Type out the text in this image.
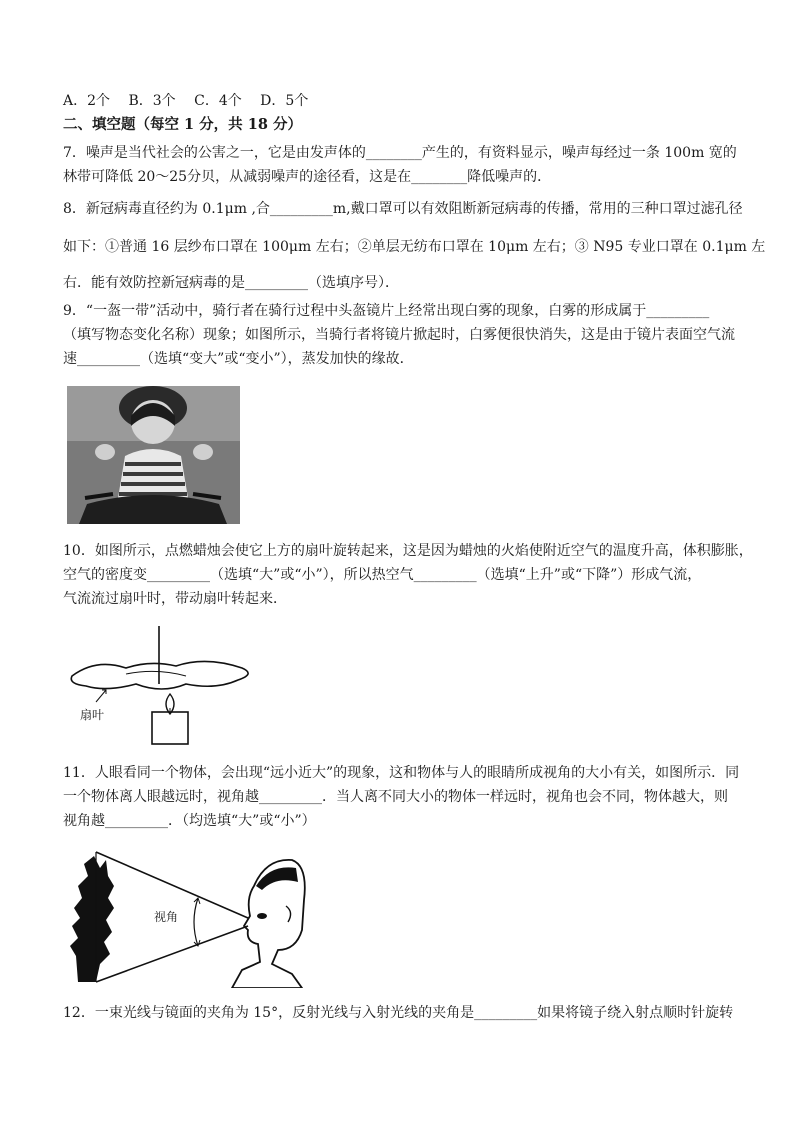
A．2个　 B．3个　 C．4个　 D．5个
二、填空题（每空 1 分，共 18 分）
7．噪声是当代社会的公害之一，它是由发声体的________产生的，有资料显示，噪声每经过一条 100m 宽的
林带可降低 20～25分贝，从减弱噪声的途径看，这是在________降低噪声的．
8．新冠病毒直径约为 0.1μm ,合_________m,戴口罩可以有效阻断新冠病毒的传播，常用的三种口罩过滤孔径
如下：①普通 16 层纱布口罩在 100μm 左右；②单层无纺布口罩在 10μm 左右；③ N95 专业口罩在 0.1μm 左
右．能有效防控新冠病毒的是_________（选填序号）．
9．“一盔一带”活动中，骑行者在骑行过程中头盔镜片上经常出现白雾的现象，白雾的形成属于_________
（填写物态变化名称）现象；如图所示，当骑行者将镜片掀起时，白雾便很快消失，这是由于镜片表面空气流
速_________（选填“变大”或“变小”），蒸发加快的缘故．
10．如图所示，点燃蜡烛会使它上方的扇叶旋转起来，这是因为蜡烛的火焰使附近空气的温度升高，体积膨胀，
空气的密度变_________（选填“大”或“小”），所以热空气_________（选填“上升”或“下降”）形成气流，
气流流过扇叶时，带动扇叶转起来．
扇叶
11．人眼看同一个物体，会出现“远小近大”的现象，这和物体与人的眼睛所成视角的大小有关，如图所示．同
一个物体离人眼越远时，视角越_________．当人离不同大小的物体一样远时，视角也会不同，物体越大，则
视角越_________．（均选填“大”或“小”）
视角
12．一束光线与镜面的夹角为 15°，反射光线与入射光线的夹角是_________如果将镜子绕入射点顺时针旋转
